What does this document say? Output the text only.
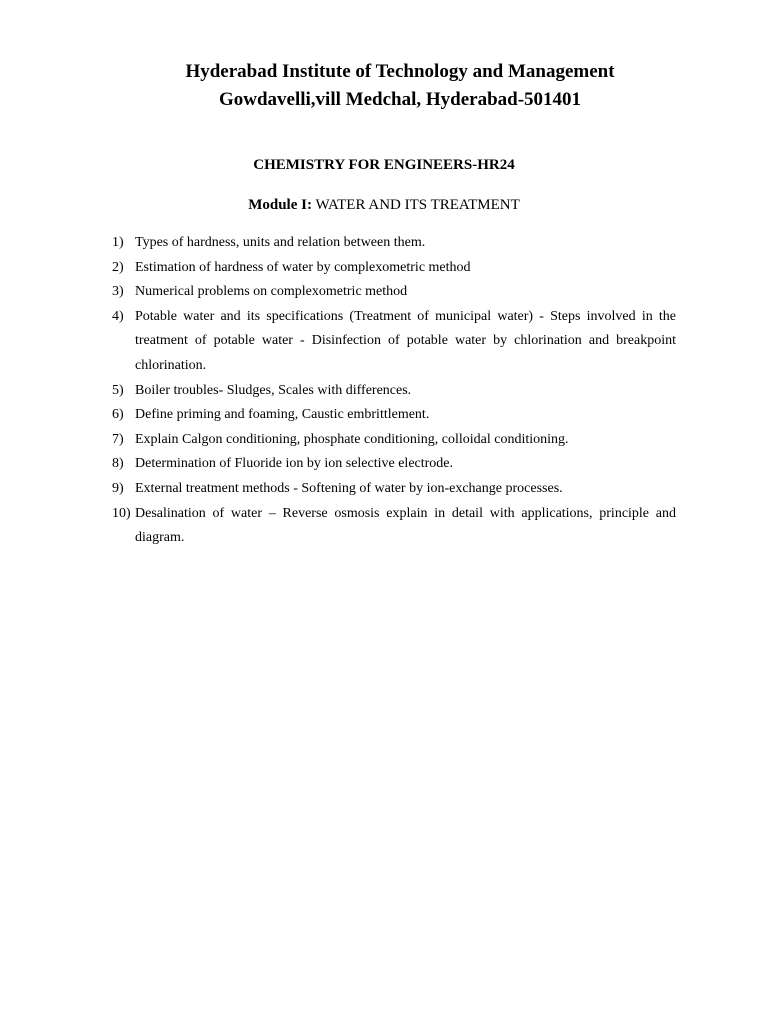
Hyderabad Institute of Technology and Management
Gowdavelli,vill Medchal, Hyderabad-501401
CHEMISTRY FOR ENGINEERS-HR24

Module I: WATER AND ITS TREATMENT

1) Types of hardness, units and relation between them.
2) Estimation of hardness of water by complexometric method
3) Numerical problems on complexometric method
4) Potable water and its specifications (Treatment of municipal water) - Steps involved in the treatment of potable water - Disinfection of potable water by chlorination and breakpoint chlorination.
5) Boiler troubles- Sludges, Scales with differences.
6) Define priming and foaming, Caustic embrittlement.
7) Explain Calgon conditioning, phosphate conditioning, colloidal conditioning.
8) Determination of Fluoride ion by ion selective electrode.
9) External treatment methods - Softening of water by ion-exchange processes.
10) Desalination of water – Reverse osmosis explain in detail with applications, principle and diagram.
